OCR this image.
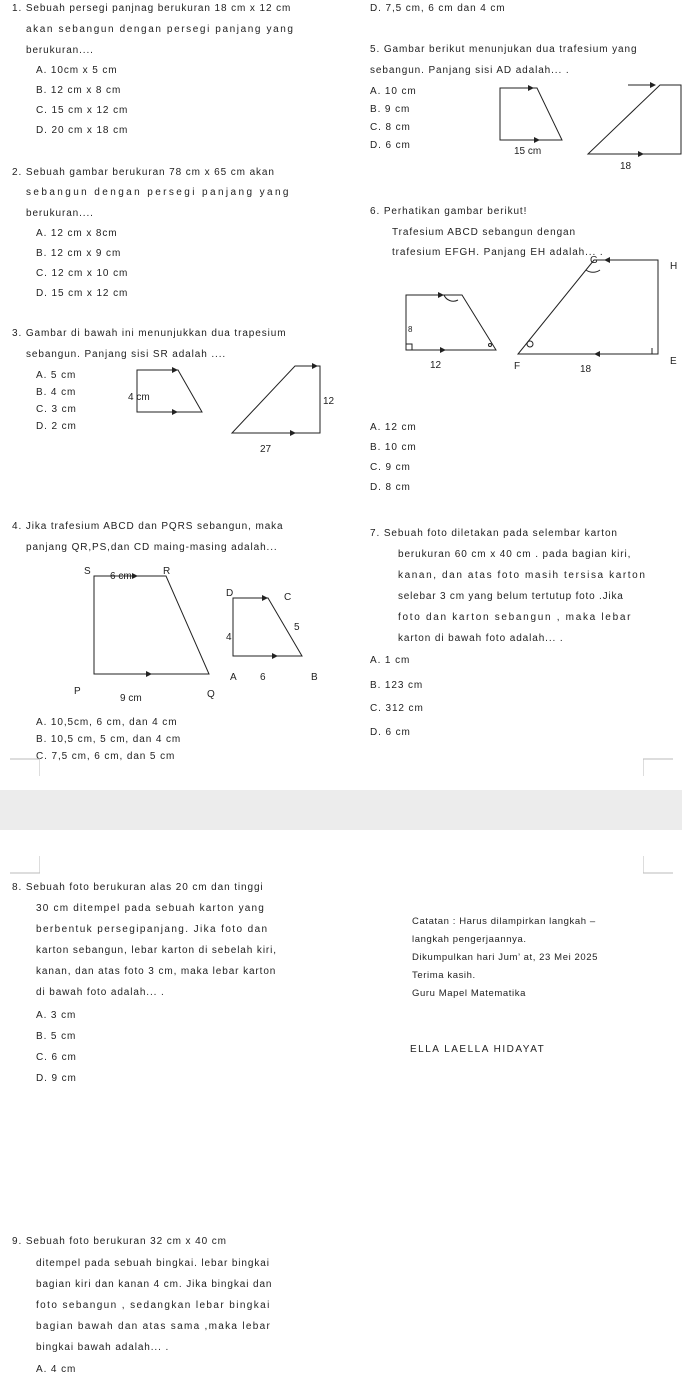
1. Sebuah persegi panjnag berukuran 18 cm x 12 cm
akan sebangun dengan persegi panjang yang
berukuran....
A. 10cm x 5 cm
B. 12 cm x 8 cm
C. 15 cm x 12 cm
D. 20 cm x 18 cm
2. Sebuah gambar berukuran 78 cm x 65 cm akan
sebangun dengan persegi panjang yang
berukuran....
A. 12 cm x 8cm
B. 12 cm x 9 cm
C. 12 cm x 10 cm
D. 15 cm x 12 cm
3. Gambar di bawah ini menunjukkan dua trapesium
sebangun. Panjang sisi SR adalah ....
A. 5 cm
B. 4 cm
C. 3 cm
D. 2 cm
4 cm	12
27
4. Jika trafesium ABCD dan PQRS sebangun, maka
panjang QR,PS,dan CD maing-masing adalah...
S 6 cm	R
P
9 cm	Q
D	C
4
5
A 6	B
A. 10,5cm, 6 cm, dan 4 cm
B. 10,5 cm, 5 cm, dan 4 cm
C. 7,5 cm, 6 cm, dan 5 cm
D. 7,5 cm, 6 cm dan 4 cm
5. Gambar berikut menunjukan dua trafesium yang
sebangun. Panjang sisi AD adalah... .
A. 10 cm
B. 9 cm
C. 8 cm
D. 6 cm
15 cm
18
6. Perhatikan gambar berikut!
Trafesium ABCD sebangun dengan
trafesium EFGH. Panjang EH adalah... .
8
12
G
H
F	18
E
A. 12 cm
B. 10 cm
C. 9 cm
D. 8 cm
7. Sebuah foto diletakan pada selembar karton
berukuran 60 cm x 40 cm . pada bagian kiri,
kanan, dan atas foto masih tersisa karton
selebar 3 cm yang belum tertutup foto .Jika
foto dan karton sebangun , maka lebar
karton di bawah foto adalah... .
A. 1 cm
B. 123 cm
C. 312 cm
D. 6 cm
8. Sebuah foto berukuran alas 20 cm dan tinggi
30 cm ditempel pada sebuah karton yang
berbentuk persegipanjang. Jika foto dan
karton sebangun, lebar karton di sebelah kiri,
kanan, dan atas foto 3 cm, maka lebar karton
di bawah foto adalah... .
A. 3 cm
B. 5 cm
C. 6 cm
D. 9 cm
Catatan : Harus dilampirkan langkah –
langkah pengerjaannya.
Dikumpulkan hari Jum’ at, 23 Mei 2025
Terima kasih.
Guru Mapel Matematika
ELLA LAELLA HIDAYAT
9. Sebuah foto berukuran 32 cm x 40 cm
ditempel pada sebuah bingkai. lebar bingkai
bagian kiri dan kanan 4 cm. Jika bingkai dan
foto sebangun , sedangkan lebar bingkai
bagian bawah dan atas sama ,maka lebar
bingkai bawah adalah... .
A. 4 cm
